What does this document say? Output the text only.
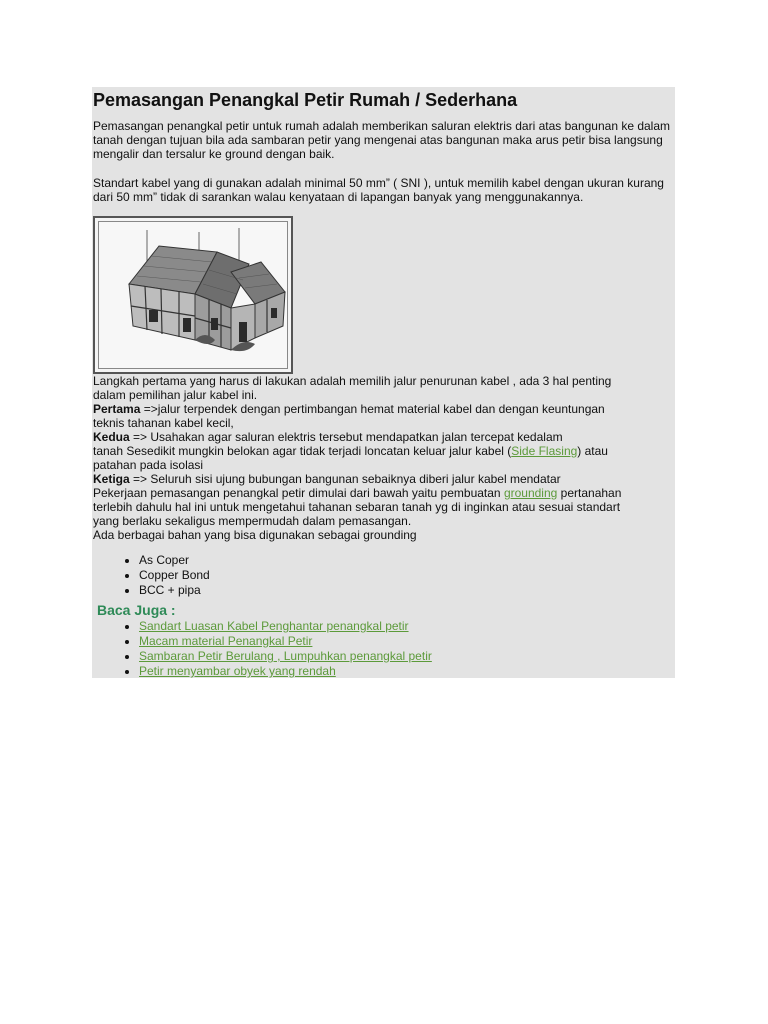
Pemasangan Penangkal Petir Rumah / Sederhana

Pemasangan penangkal petir untuk rumah adalah memberikan saluran elektris dari atas bangunan ke dalam tanah dengan tujuan bila ada sambaran petir yang mengenai atas bangunan maka arus petir bisa langsung mengalir dan tersalur ke ground dengan baik.

Standart kabel yang di gunakan adalah minimal 50 mm” ( SNI ), untuk memilih kabel dengan ukuran kurang dari 50 mm” tidak di sarankan walau kenyataan di lapangan banyak yang menggunakannya.

Langkah pertama yang harus di lakukan adalah memilih jalur penurunan kabel , ada 3 hal penting
dalam pemilihan jalur kabel ini.
Pertama =>jalur terpendek dengan pertimbangan hemat material kabel dan dengan keuntungan
teknis tahanan kabel kecil,
Kedua => Usahakan agar saluran elektris tersebut mendapatkan jalan tercepat kedalam
tanah Sesedikit mungkin belokan agar tidak terjadi loncatan keluar jalur kabel (Side Flasing) atau
patahan pada isolasi
Ketiga => Seluruh sisi ujung bubungan bangunan sebaiknya diberi jalur kabel mendatar
Pekerjaan pemasangan penangkal petir dimulai dari bawah yaitu pembuatan grounding pertanahan
terlebih dahulu hal ini untuk mengetahui tahanan sebaran tanah yg di inginkan atau sesuai standart
yang berlaku sekaligus mempermudah dalam pemasangan.
Ada berbagai bahan yang bisa digunakan sebagai grounding
• As Coper
• Copper Bond
• BCC + pipa
Baca Juga :
• Sandart Luasan Kabel Penghantar penangkal petir
• Macam material Penangkal Petir
• Sambaran Petir Berulang , Lumpuhkan penangkal petir
• Petir menyambar obyek yang rendah
